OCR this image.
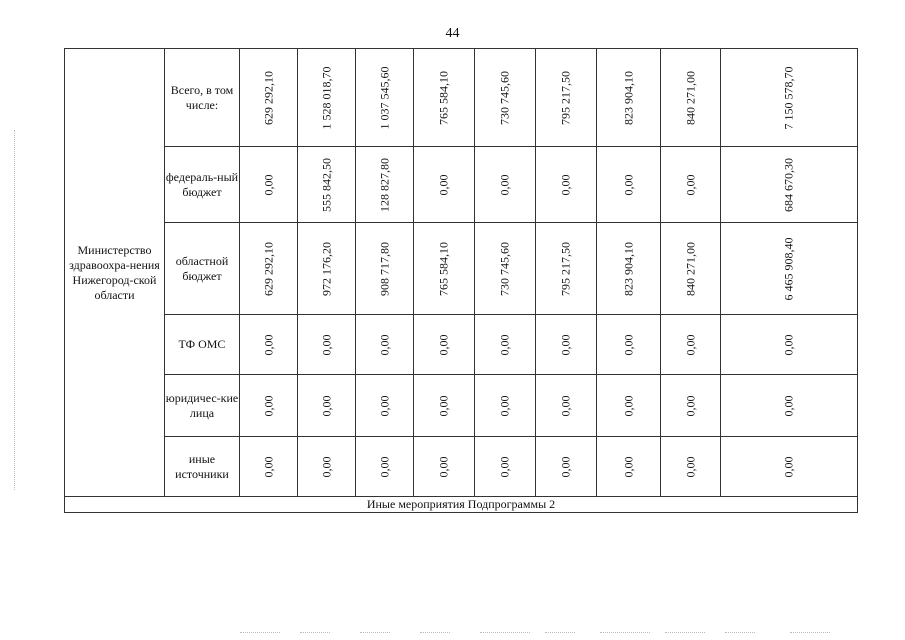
44
Министерство здравоохра-нения Нижегород-ской области	Всего, в том числе:	629 292,10	1 528 018,70	1 037 545,60	765 584,10	730 745,60	795 217,50	823 904,10	840 271,00	7 150 578,70

	федераль-ный бюджет	0,00	555 842,50	128 827,80	0,00	0,00	0,00	0,00	0,00	684 670,30

	областной бюджет	629 292,10	972 176,20	908 717,80	765 584,10	730 745,60	795 217,50	823 904,10	840 271,00	6 465 908,40

	ТФ ОМС	0,00	0,00	0,00	0,00	0,00	0,00	0,00	0,00	0,00

	юридичес-кие лица	0,00	0,00	0,00	0,00	0,00	0,00	0,00	0,00	0,00

	иные источники	0,00	0,00	0,00	0,00	0,00	0,00	0,00	0,00	0,00

Иные мероприятия Подпрограммы 2										
